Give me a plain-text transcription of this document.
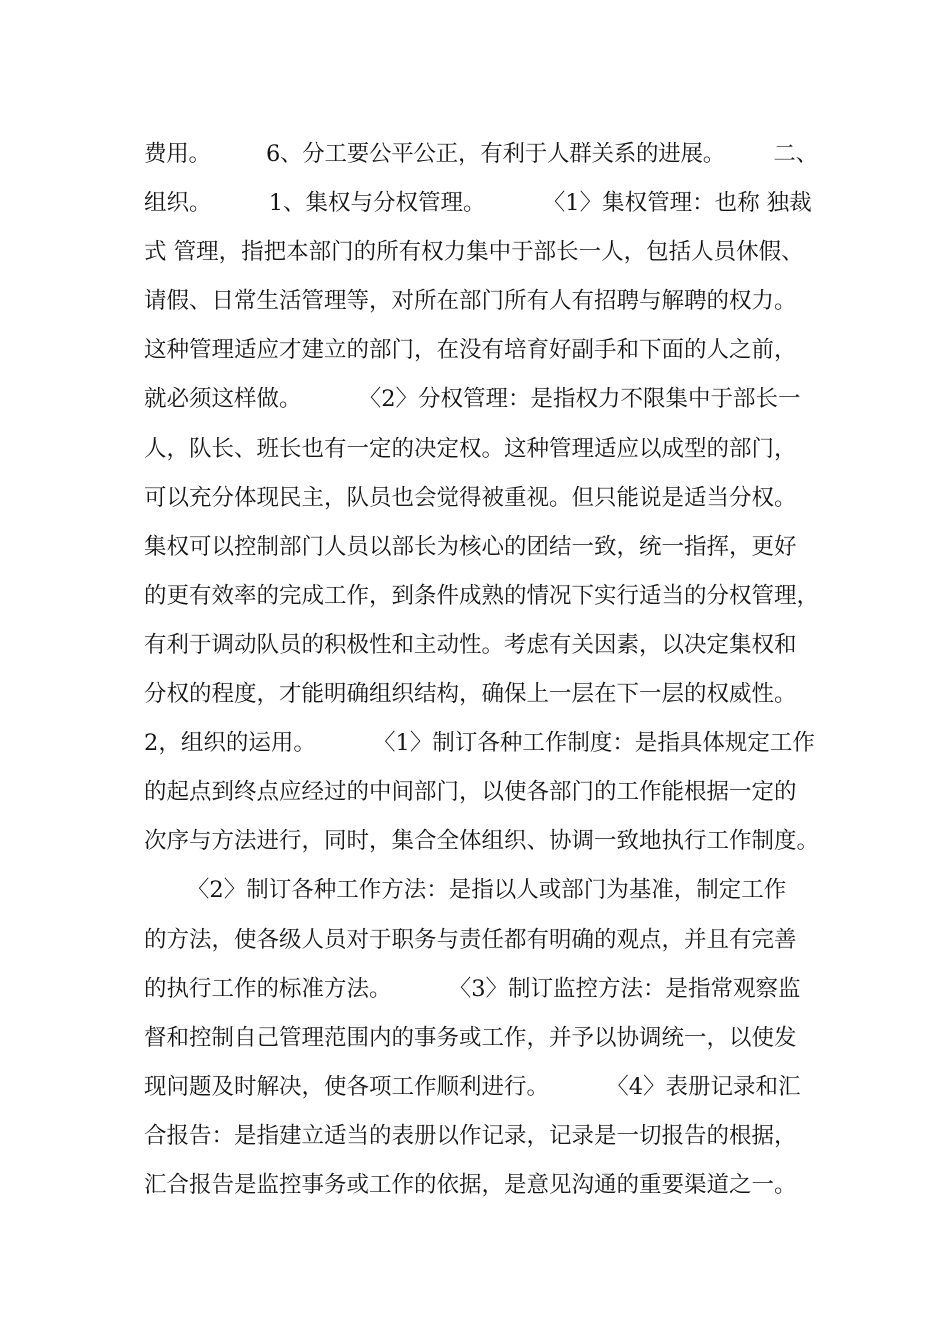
费用。        6、分工要公平公正，有利于人群关系的进展。       二、
组织。        1、集权与分权管理。        〈1〉集权管理：也称 独裁
式 管理，指把本部门的所有权力集中于部长一人，包括人员休假、
请假、日常生活管理等，对所在部门所有人有招聘与解聘的权力。
这种管理适应才建立的部门，在没有培育好副手和下面的人之前，
就必须这样做。        〈2〉分权管理：是指权力不限集中于部长一
人，队长、班长也有一定的决定权。这种管理适应以成型的部门，
可以充分体现民主，队员也会觉得被重视。但只能说是适当分权。
集权可以控制部门人员以部长为核心的团结一致，统一指挥，更好
的更有效率的完成工作，到条件成熟的情况下实行适当的分权管理，
有利于调动队员的积极性和主动性。考虑有关因素，以决定集权和
分权的程度，才能明确组织结构，确保上一层在下一层的权威性。
2，组织的运用。        〈1〉制订各种工作制度：是指具体规定工作
的起点到终点应经过的中间部门，以使各部门的工作能根据一定的
次序与方法进行，同时，集合全体组织、协调一致地执行工作制度。
〈2〉制订各种工作方法：是指以人或部门为基准，制定工作
的方法，使各级人员对于职务与责任都有明确的观点，并且有完善
的执行工作的标准方法。        〈3〉制订监控方法：是指常观察监
督和控制自己管理范围内的事务或工作，并予以协调统一，以使发
现问题及时解决，使各项工作顺利进行。        〈4〉表册记录和汇
合报告：是指建立适当的表册以作记录，记录是一切报告的根据，
汇合报告是监控事务或工作的依据，是意见沟通的重要渠道之一。
